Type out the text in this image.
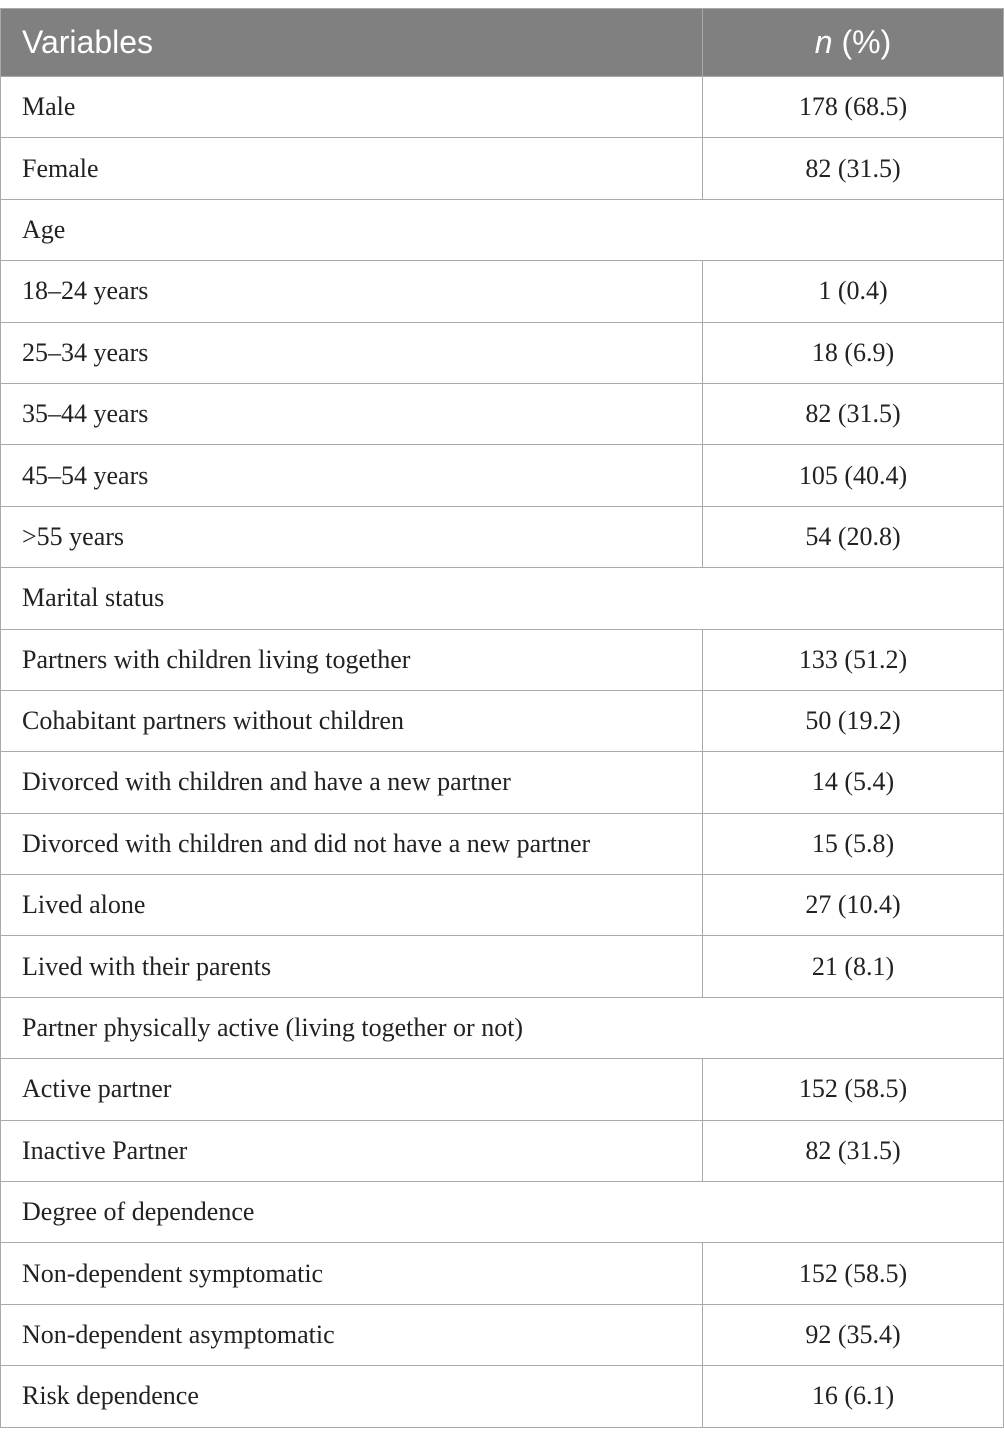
Variables	n (%)
Male	178 (68.5)
Female	82 (31.5)
Age	
18–24 years	1 (0.4)
25–34 years	18 (6.9)
35–44 years	82 (31.5)
45–54 years	105 (40.4)
>55 years	54 (20.8)
Marital status	
Partners with children living together	133 (51.2)
Cohabitant partners without children	50 (19.2)
Divorced with children and have a new partner	14 (5.4)
Divorced with children and did not have a new partner	15 (5.8)
Lived alone	27 (10.4)
Lived with their parents	21 (8.1)
Partner physically active (living together or not)	
Active partner	152 (58.5)
Inactive Partner	82 (31.5)
Degree of dependence	
Non-dependent symptomatic	152 (58.5)
Non-dependent asymptomatic	92 (35.4)
Risk dependence	16 (6.1)
